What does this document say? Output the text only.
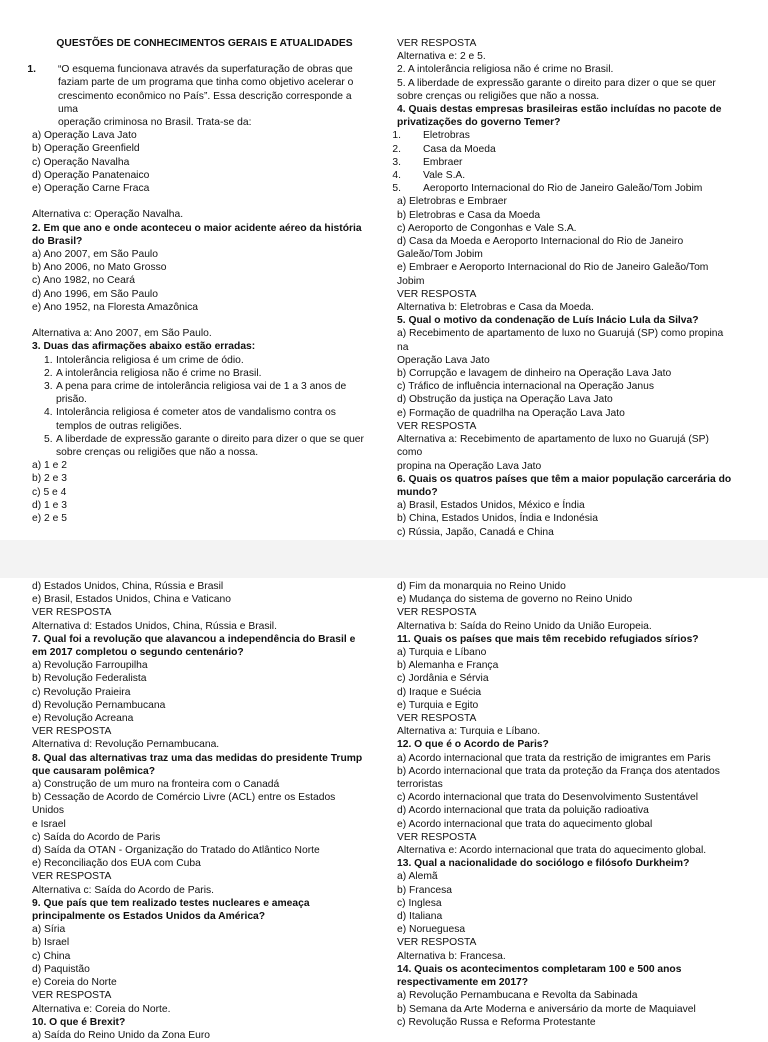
QUESTÕES DE CONHECIMENTOS GERAIS E ATUALIDADES
1. “O esquema funcionava através da superfaturação de obras que
faziam parte de um programa que tinha como objetivo acelerar o
crescimento econômico no País”. Essa descrição corresponde a uma
operação criminosa no Brasil. Trata-se da:
a) Operação Lava Jato
b) Operação Greenfield
c) Operação Navalha
d) Operação Panatenaico
e) Operação Carne Fraca
Alternativa c: Operação Navalha.
2. Em que ano e onde aconteceu o maior acidente aéreo da história
do Brasil?
a) Ano 2007, em São Paulo
b) Ano 2006, no Mato Grosso
c) Ano 1982, no Ceará
d) Ano 1996, em São Paulo
e) Ano 1952, na Floresta Amazônica
Alternativa a: Ano 2007, em São Paulo.
3. Duas das afirmações abaixo estão erradas:
1. Intolerância religiosa é um crime de ódio.
2. A intolerância religiosa não é crime no Brasil.
3. A pena para crime de intolerância religiosa vai de 1 a 3 anos de
prisão.
4. Intolerância religiosa é cometer atos de vandalismo contra os
templos de outras religiões.
5. A liberdade de expressão garante o direito para dizer o que se quer
sobre crenças ou religiões que não a nossa.
a) 1 e 2
b) 2 e 3
c) 5 e 4
d) 1 e 3
e) 2 e 5
VER RESPOSTA
Alternativa e: 2 e 5.
2. A intolerância religiosa não é crime no Brasil.
5. A liberdade de expressão garante o direito para dizer o que se quer
sobre crenças ou religiões que não a nossa.
4. Quais destas empresas brasileiras estão incluídas no pacote de
privatizações do governo Temer?
1. Eletrobras
2. Casa da Moeda
3. Embraer
4. Vale S.A.
5. Aeroporto Internacional do Rio de Janeiro Galeão/Tom Jobim
a) Eletrobras e Embraer
b) Eletrobras e Casa da Moeda
c) Aeroporto de Congonhas e Vale S.A.
d) Casa da Moeda e Aeroporto Internacional do Rio de Janeiro
Galeão/Tom Jobim
e) Embraer e Aeroporto Internacional do Rio de Janeiro Galeão/Tom
Jobim
VER RESPOSTA
Alternativa b: Eletrobras e Casa da Moeda.
5. Qual o motivo da condenação de Luís Inácio Lula da Silva?
a) Recebimento de apartamento de luxo no Guarujá (SP) como propina na
Operação Lava Jato
b) Corrupção e lavagem de dinheiro na Operação Lava Jato
c) Tráfico de influência internacional na Operação Janus
d) Obstrução da justiça na Operação Lava Jato
e) Formação de quadrilha na Operação Lava Jato
VER RESPOSTA
Alternativa a: Recebimento de apartamento de luxo no Guarujá (SP) como
propina na Operação Lava Jato
6. Quais os quatros países que têm a maior população carcerária do
mundo?
a) Brasil, Estados Unidos, México e Índia
b) China, Estados Unidos, Índia e Indonésia
c) Rússia, Japão, Canadá e China
d) Estados Unidos, China, Rússia e Brasil
e) Brasil, Estados Unidos, China e Vaticano
VER RESPOSTA
Alternativa d: Estados Unidos, China, Rússia e Brasil.
7. Qual foi a revolução que alavancou a independência do Brasil e
em 2017 completou o segundo centenário?
a) Revolução Farroupilha
b) Revolução Federalista
c) Revolução Praieira
d) Revolução Pernambucana
e) Revolução Acreana
VER RESPOSTA
Alternativa d: Revolução Pernambucana.
8. Qual das alternativas traz uma das medidas do presidente Trump
que causaram polêmica?
a) Construção de um muro na fronteira com o Canadá
b) Cessação de Acordo de Comércio Livre (ACL) entre os Estados Unidos
e Israel
c) Saída do Acordo de Paris
d) Saída da OTAN - Organização do Tratado do Atlântico Norte
e) Reconciliação dos EUA com Cuba
VER RESPOSTA
Alternativa c: Saída do Acordo de Paris.
9. Que país que tem realizado testes nucleares e ameaça
principalmente os Estados Unidos da América?
a) Síria
b) Israel
c) China
d) Paquistão
e) Coreia do Norte
VER RESPOSTA
Alternativa e: Coreia do Norte.
10. O que é Brexit?
a) Saída do Reino Unido da Zona Euro
d) Fim da monarquia no Reino Unido
e) Mudança do sistema de governo no Reino Unido
VER RESPOSTA
Alternativa b: Saída do Reino Unido da União Europeia.
11. Quais os países que mais têm recebido refugiados sírios?
a) Turquia e Líbano
b) Alemanha e França
c) Jordânia e Sérvia
d) Iraque e Suécia
e) Turquia e Egito
VER RESPOSTA
Alternativa a: Turquia e Líbano.
12. O que é o Acordo de Paris?
a) Acordo internacional que trata da restrição de imigrantes em Paris
b) Acordo internacional que trata da proteção da França dos atentados
terroristas
c) Acordo internacional que trata do Desenvolvimento Sustentável
d) Acordo internacional que trata da poluição radioativa
e) Acordo internacional que trata do aquecimento global
VER RESPOSTA
Alternativa e: Acordo internacional que trata do aquecimento global.
13. Qual a nacionalidade do sociólogo e filósofo Durkheim?
a) Alemã
b) Francesa
c) Inglesa
d) Italiana
e) Norueguesa
VER RESPOSTA
Alternativa b: Francesa.
14. Quais os acontecimentos completaram 100 e 500 anos
respectivamente em 2017?
a) Revolução Pernambucana e Revolta da Sabinada
b) Semana da Arte Moderna e aniversário da morte de Maquiavel
c) Revolução Russa e Reforma Protestante
